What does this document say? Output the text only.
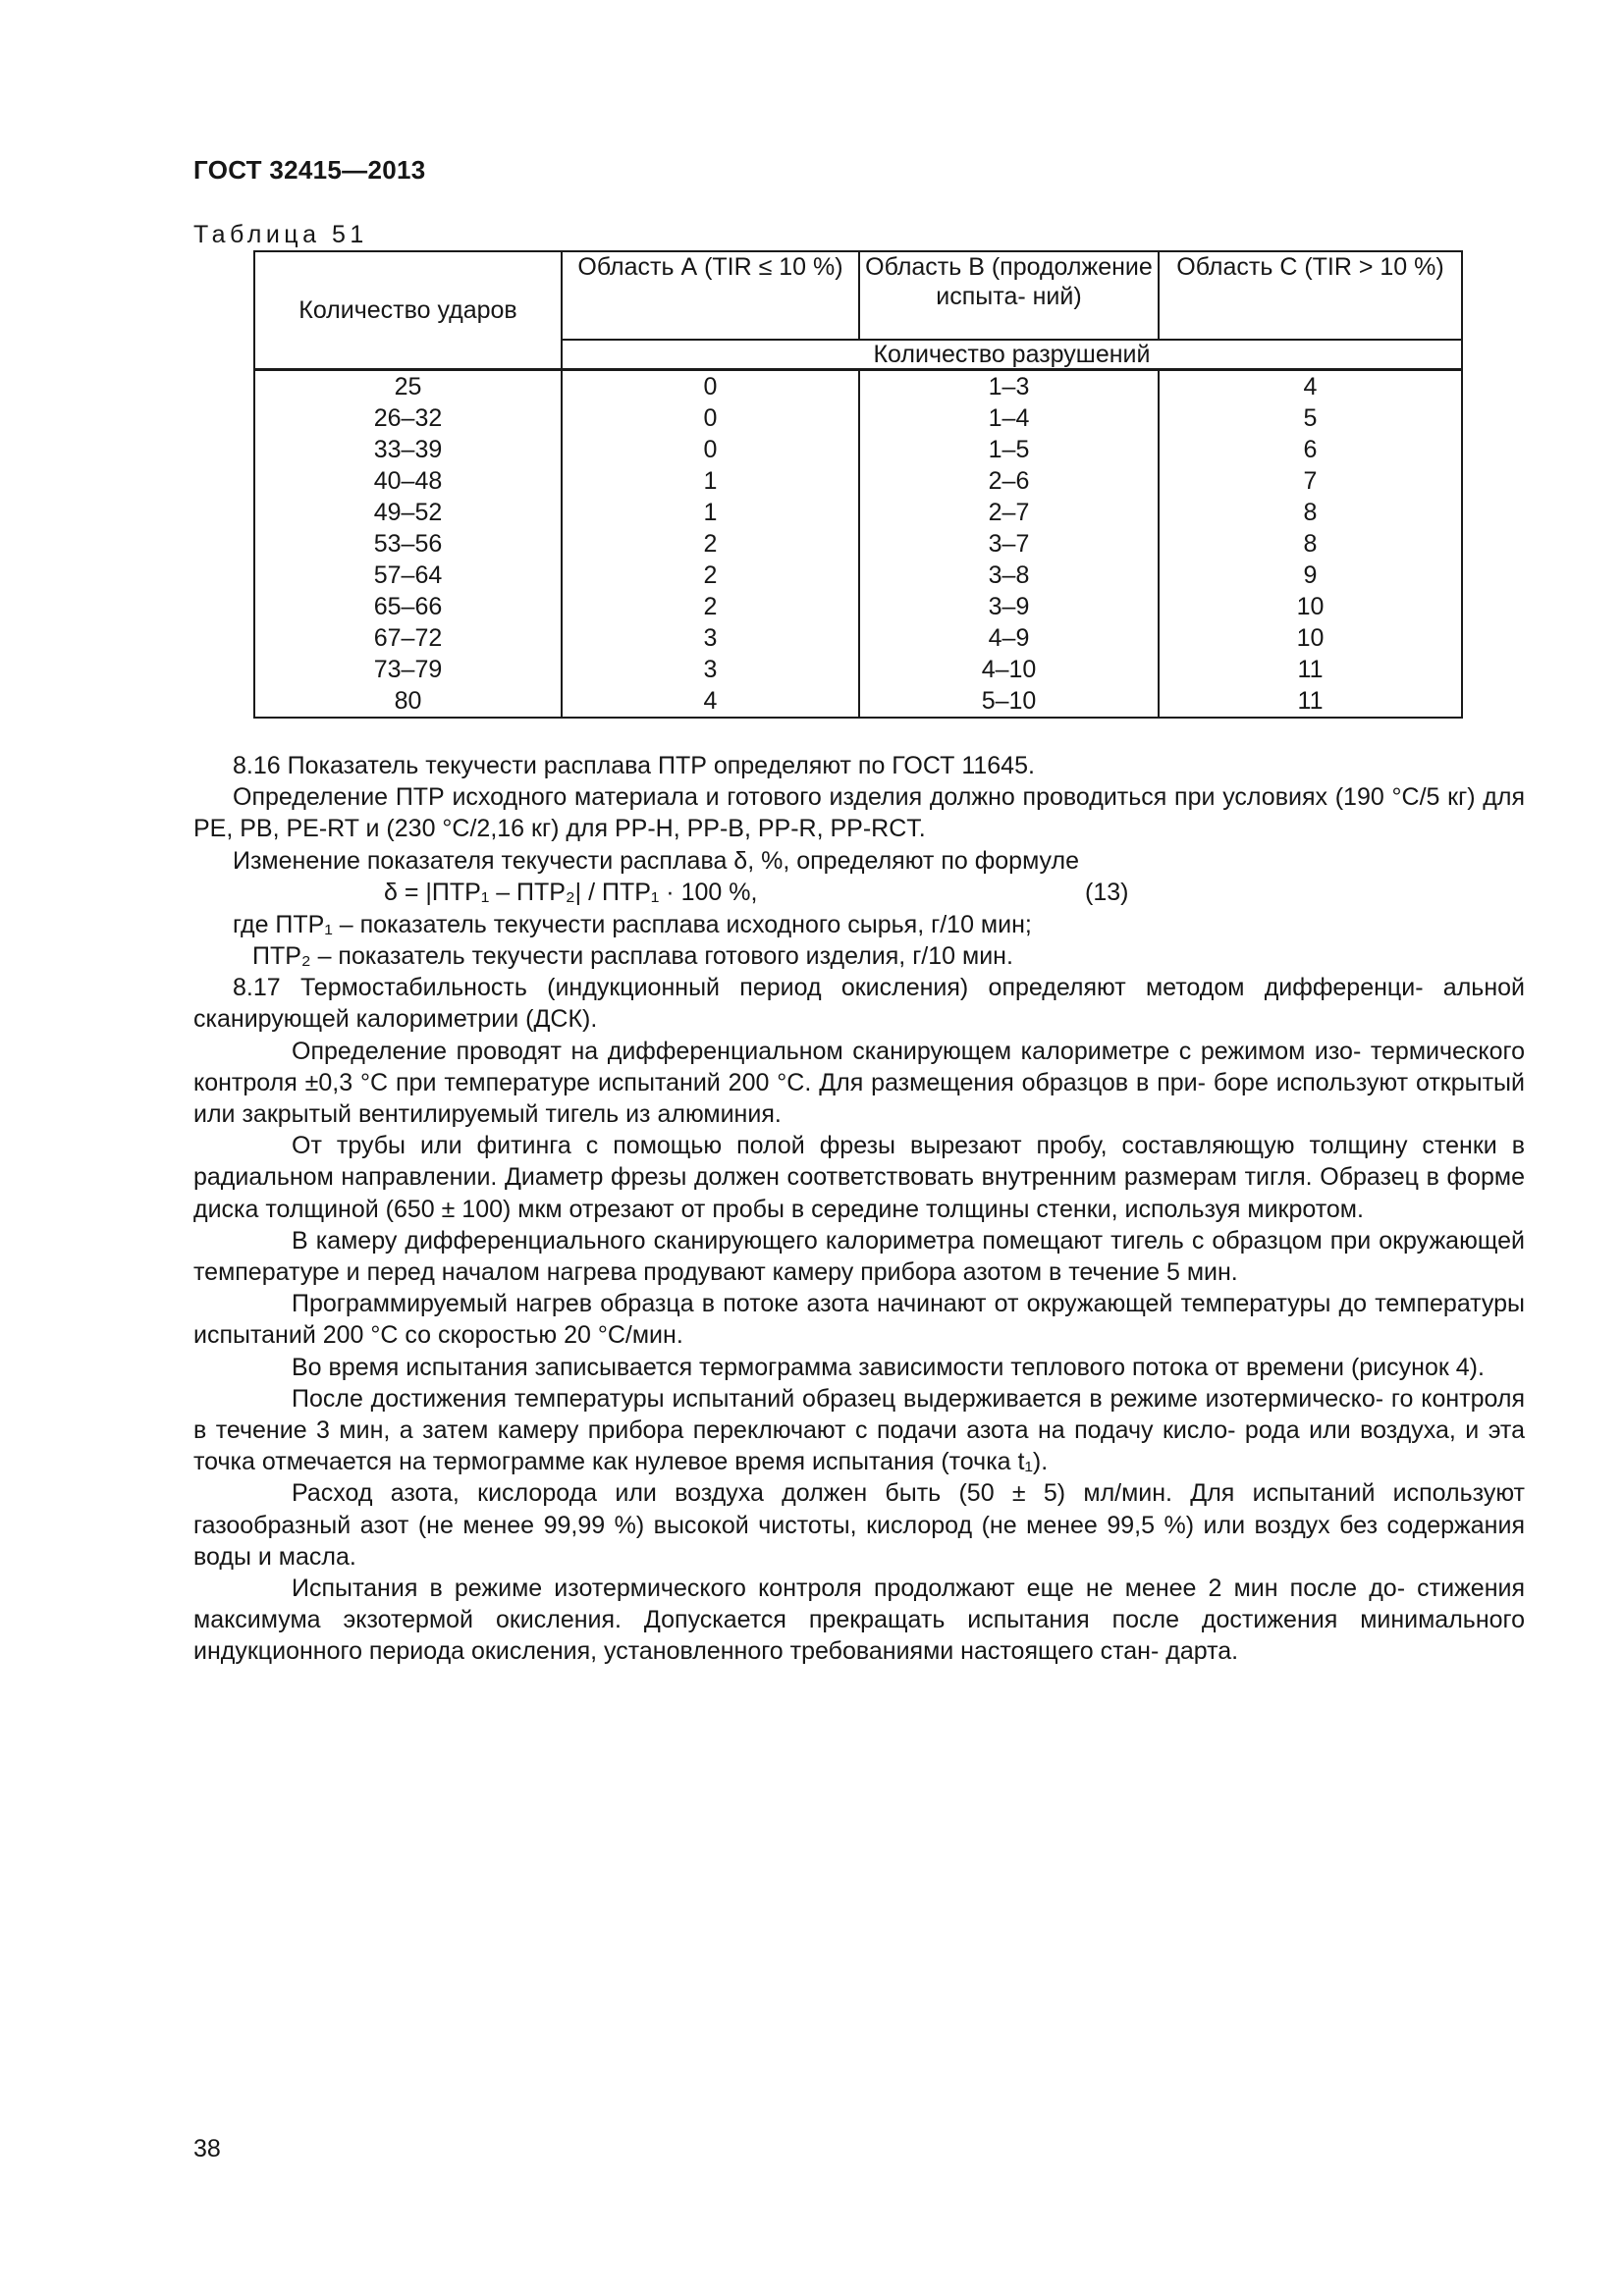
ГОСТ 32415—2013
Таблица 51
Количество ударов	Область А (TIR ≤ 10 %)	Область В (продолжение испыта- ний)	Область С (TIR > 10 %)
	Количество разрушений		
25	0	1–3	4
26–32	0	1–4	5
33–39	0	1–5	6
40–48	1	2–6	7
49–52	1	2–7	8
53–56	2	3–7	8
57–64	2	3–8	9
65–66	2	3–9	10
67–72	3	4–9	10
73–79	3	4–10	11
80	4	5–10	11

8.16 Показатель текучести расплава ПТР определяют по ГОСТ 11645.

Определение ПТР исходного материала и готового изделия должно проводиться при условиях (190 °С/5 кг) для РЕ, PB, PE-RT и (230 °С/2,16 кг) для PP-H, PP-B, PP-R, PP-RCT.

Изменение показателя текучести расплава δ, %, определяют по формуле

δ = |ПТР₁ – ПТР₂| / ПТР₁ · 100 %,	(13)

где ПТР₁ – показатель текучести расплава исходного сырья, г/10 мин;

ПТР₂ – показатель текучести расплава готового изделия, г/10 мин.

8.17 Термостабильность (индукционный период окисления) определяют методом дифференци- альной сканирующей калориметрии (ДСК).

Определение проводят на дифференциальном сканирующем калориметре с режимом изо- термического контроля ±0,3 °С при температуре испытаний 200 °С. Для размещения образцов в при- боре используют открытый или закрытый вентилируемый тигель из алюминия.

От трубы или фитинга с помощью полой фрезы вырезают пробу, составляющую толщину стенки в радиальном направлении. Диаметр фрезы должен соответствовать внутренним размерам тигля. Образец в форме диска толщиной (650 ± 100) мкм отрезают от пробы в середине толщины стенки, используя микротом.

В камеру дифференциального сканирующего калориметра помещают тигель с образцом при окружающей температуре и перед началом нагрева продувают камеру прибора азотом в течение 5 мин.

Программируемый нагрев образца в потоке азота начинают от окружающей температуры до температуры испытаний 200 °С со скоростью 20 °С/мин.

Во время испытания записывается термограмма зависимости теплового потока от времени (рисунок 4).

После достижения температуры испытаний образец выдерживается в режиме изотермическо- го контроля в течение 3 мин, а затем камеру прибора переключают с подачи азота на подачу кисло- рода или воздуха, и эта точка отмечается на термограмме как нулевое время испытания (точка t₁).

Расход азота, кислорода или воздуха должен быть (50 ± 5) мл/мин. Для испытаний используют газообразный азот (не менее 99,99 %) высокой чистоты, кислород (не менее 99,5 %) или воздух без содержания воды и масла.

Испытания в режиме изотермического контроля продолжают еще не менее 2 мин после до- стижения максимума экзотермой окисления. Допускается прекращать испытания после достижения минимального индукционного периода окисления, установленного требованиями настоящего стан- дарта.

38
